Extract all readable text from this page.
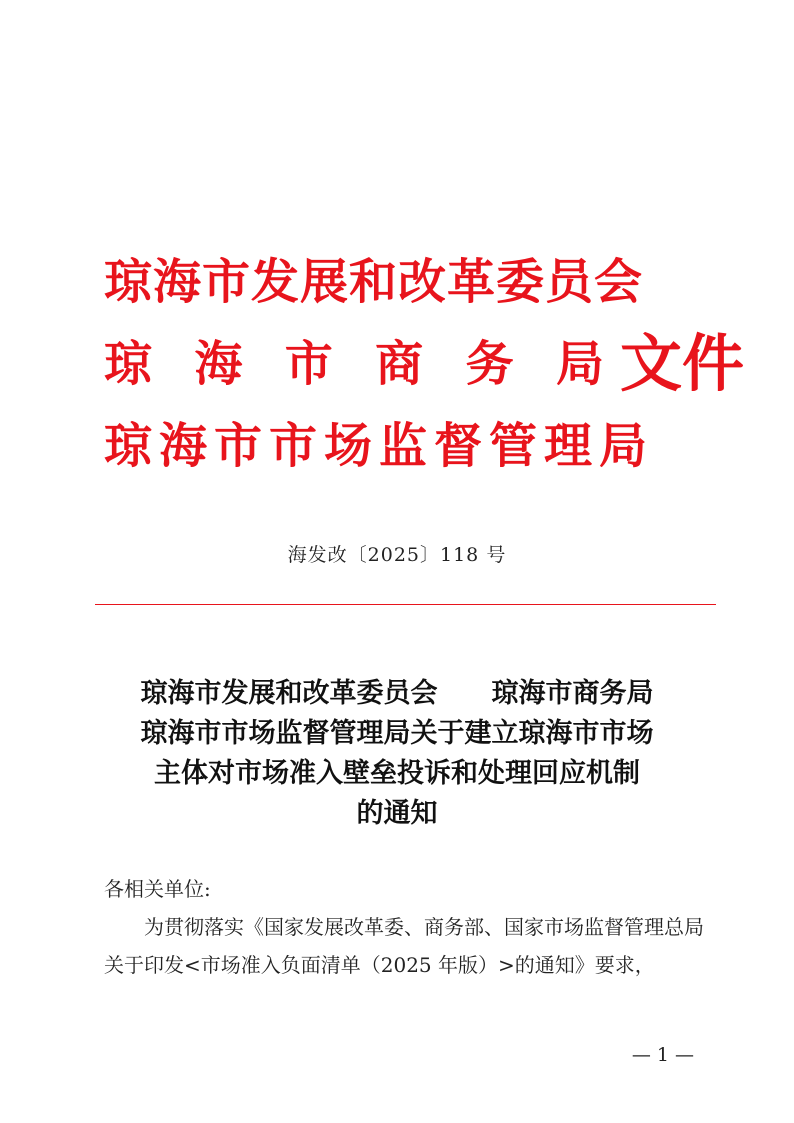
琼海市发展和改革委员会
琼 海 市 商 务 局
琼海市市场监督管理局
文件
海发改〔2025〕118 号
琼海市发展和改革委员会 琼海市商务局
琼海市市场监督管理局关于建立琼海市市场
主体对市场准入壁垒投诉和处理回应机制
的通知
各相关单位:
为贯彻落实《国家发展改革委、商务部、国家市场监督管理总局关于印发<市场准入负面清单（2025 年版）>的通知》要求，
— 1 —
